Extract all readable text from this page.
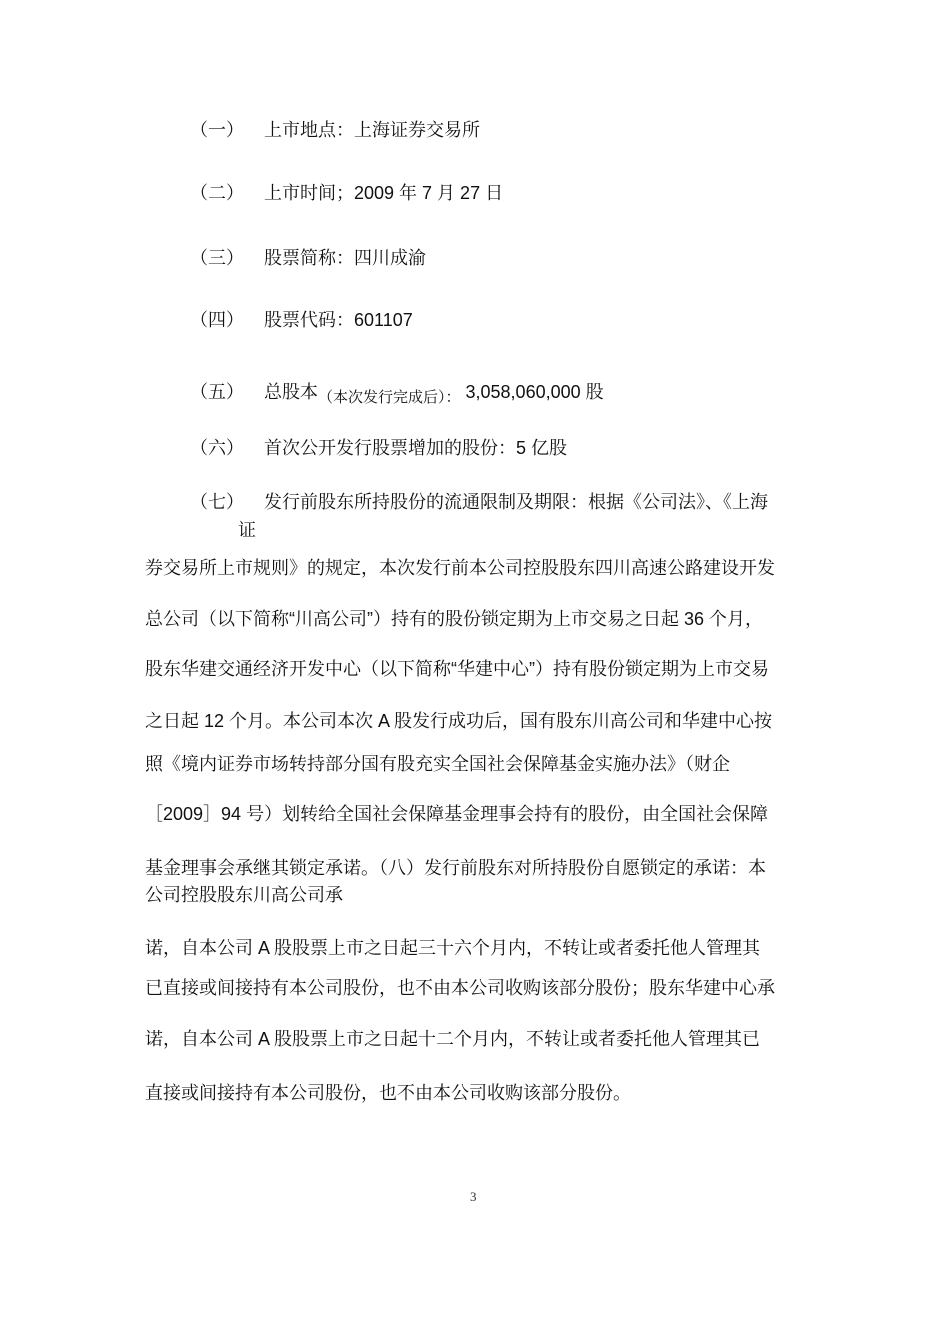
（一） 上市地点：上海证券交易所
（二） 上市时间；2009 年 7 月 27 日
（三） 股票简称：四川成渝
（四） 股票代码：601107
（五） 总股本$_{(本次发行完成后):}$ 3,058,060,000 股
（六） 首次公开发行股票增加的股份：5 亿股
（七） 发行前股东所持股份的流通限制及期限：根据《公司法》、《上海
证
券交易所上市规则》的规定，本次发行前本公司控股股东四川高速公路建设开发
总公司（以下简称“川高公司”）持有的股份锁定期为上市交易之日起 36 个月，
股东华建交通经济开发中心（以下简称“华建中心”）持有股份锁定期为上市交易
之日起 12 个月。本公司本次 A 股发行成功后，国有股东川高公司和华建中心按
照《境内证券市场转持部分国有股充实全国社会保障基金实施办法》（财企
［2009］94 号）划转给全国社会保障基金理事会持有的股份，由全国社会保障
基金理事会承继其锁定承诺。（八）发行前股东对所持股份自愿锁定的承诺：本
公司控股股东川高公司承
诺，自本公司 A 股股票上市之日起三十六个月内，不转让或者委托他人管理其
已直接或间接持有本公司股份，也不由本公司收购该部分股份；股东华建中心承
诺，自本公司 A 股股票上市之日起十二个月内，不转让或者委托他人管理其已
直接或间接持有本公司股份，也不由本公司收购该部分股份。
3
